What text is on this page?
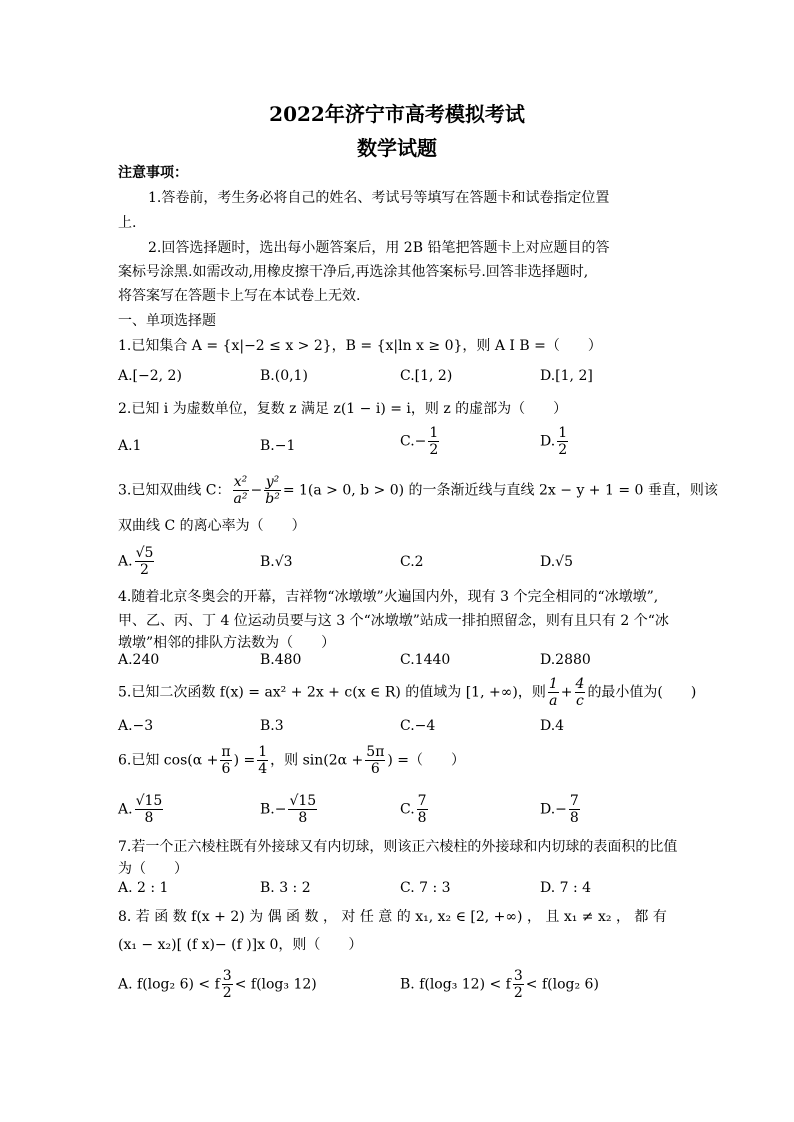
2022年济宁市高考模拟考试
数学试题
注意事项：
1.答卷前，考生务必将自己的姓名、考试号等填写在答题卡和试卷指定位置
上.
2.回答选择题时，选出每小题答案后，用 2B 铅笔把答题卡上对应题目的答
案标号涂黑.如需改动,用橡皮擦干净后,再选涂其他答案标号.回答非选择题时,
将答案写在答题卡上写在本试卷上无效.
一、单项选择题
1.已知集合 A = {x|−2 ≤ x > 2}，B = {x|ln x ≥ 0}，则 A I B =（　　）
A.[−2, 2)	B.(0,1)	C.[1, 2)	D.[1, 2]
2.已知 i 为虚数单位，复数 z 满足 z(1 − i) = i，则 z 的虚部为（　　）
A.1	B.−1	$C.- \frac{1}{2}$	D. $\frac{1}{2}$
3.已知双曲线 C： $\frac{\text{x²}}{\text{a²}} - \frac{\text{y²}}{\text{b²}} = 1(a > 0$, b > 0) 的一条渐近线与直线 2x − y + 1 = 0 垂直，则该
双曲线 C 的离心率为（　　）
A. $\frac{√5}{2}$	B.√3	C.2	D.√5
4.随着北京冬奥会的开幕，吉祥物“冰墩墩”火遍国内外，现有 3 个完全相同的“冰墩墩”,
甲、乙、丙、丁 4 位运动员要与这 3 个“冰墩墩”站成一排拍照留念，则有且只有 2 个“冰
墩墩”相邻的排队方法数为（　　）
A.240	B.480	C.1440	D.2880
5.已知二次函数 f(x) = ax² + 2x + c(x ∈ R) 的值域为 [1, +∞)，则 $\frac{1}{a} + \frac{4}{c}$ 的最小值为(　　)
A.−3	B.3	C.−4	D.4
6.已知 $\cos(\alpha + \frac{\pi}{6}$ ) = $\frac{1}{4}$ ，则 $\sin(2\alpha + \frac{5\pi}{6}$ ) =（　　）
A. $\frac{√15}{8}$	$B.- \frac{√15}{8}$	C. $\frac{7}{8}$	$D.- \frac{7}{8}$
7.若一个正六棱柱既有外接球又有内切球，则该正六棱柱的外接球和内切球的表面积的比值
为（　　）
A. 2 : 1	B. 3 : 2	C. 7 : 3	D. 7 : 4
8. 若 函 数 f(x + 2) 为 偶 函 数 ， 对 任 意 的 x₁, x₂ ∈ [2, +∞) ， 且 x₁ ≠ x₂ ， 都 有
(x₁ − x₂)[ (f x)− (f )]x 0，则（　　）
A. f(log₂ 6) < f $\frac{3}{2} < f(\log_3$ 12)	B. f(log₃ 12) < f $\frac{3}{2} < f(\log_2$ 6)
